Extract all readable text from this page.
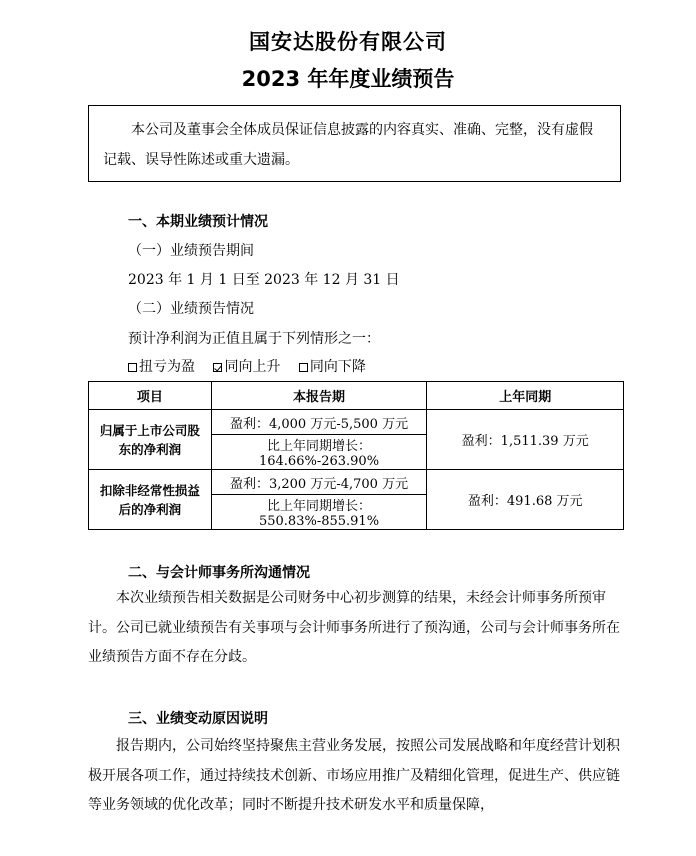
国安达股份有限公司
2023 年年度业绩预告

本公司及董事会全体成员保证信息披露的内容真实、准确、完整，没有虚假记载、误导性陈述或重大遗漏。

一、本期业绩预计情况
（一）业绩预告期间
2023 年 1 月 1 日至 2023 年 12 月 31 日
（二）业绩预告情况
预计净利润为正值且属于下列情形之一：
扭亏为盈 同向上升 同向下降
项目	本报告期	上年同期
归属于上市公司股
东的净利润	盈利：4,000 万元-5,500 万元	盈利：1,511.39 万元
	比上年同期增长：164.66%-263.90%	
扣除非经常性损益
后的净利润	盈利：3,200 万元-4,700 万元	盈利：491.68 万元
	比上年同期增长：550.83%-855.91%	
二、与会计师事务所沟通情况

本次业绩预告相关数据是公司财务中心初步测算的结果，未经会计师事务所预审计。公司已就业绩预告有关事项与会计师事务所进行了预沟通，公司与会计师事务所在业绩预告方面不存在分歧。

三、业绩变动原因说明

报告期内，公司始终坚持聚焦主营业务发展，按照公司发展战略和年度经营计划积极开展各项工作，通过持续技术创新、市场应用推广及精细化管理，促进生产、供应链等业务领域的优化改革；同时不断提升技术研发水平和质量保障，
